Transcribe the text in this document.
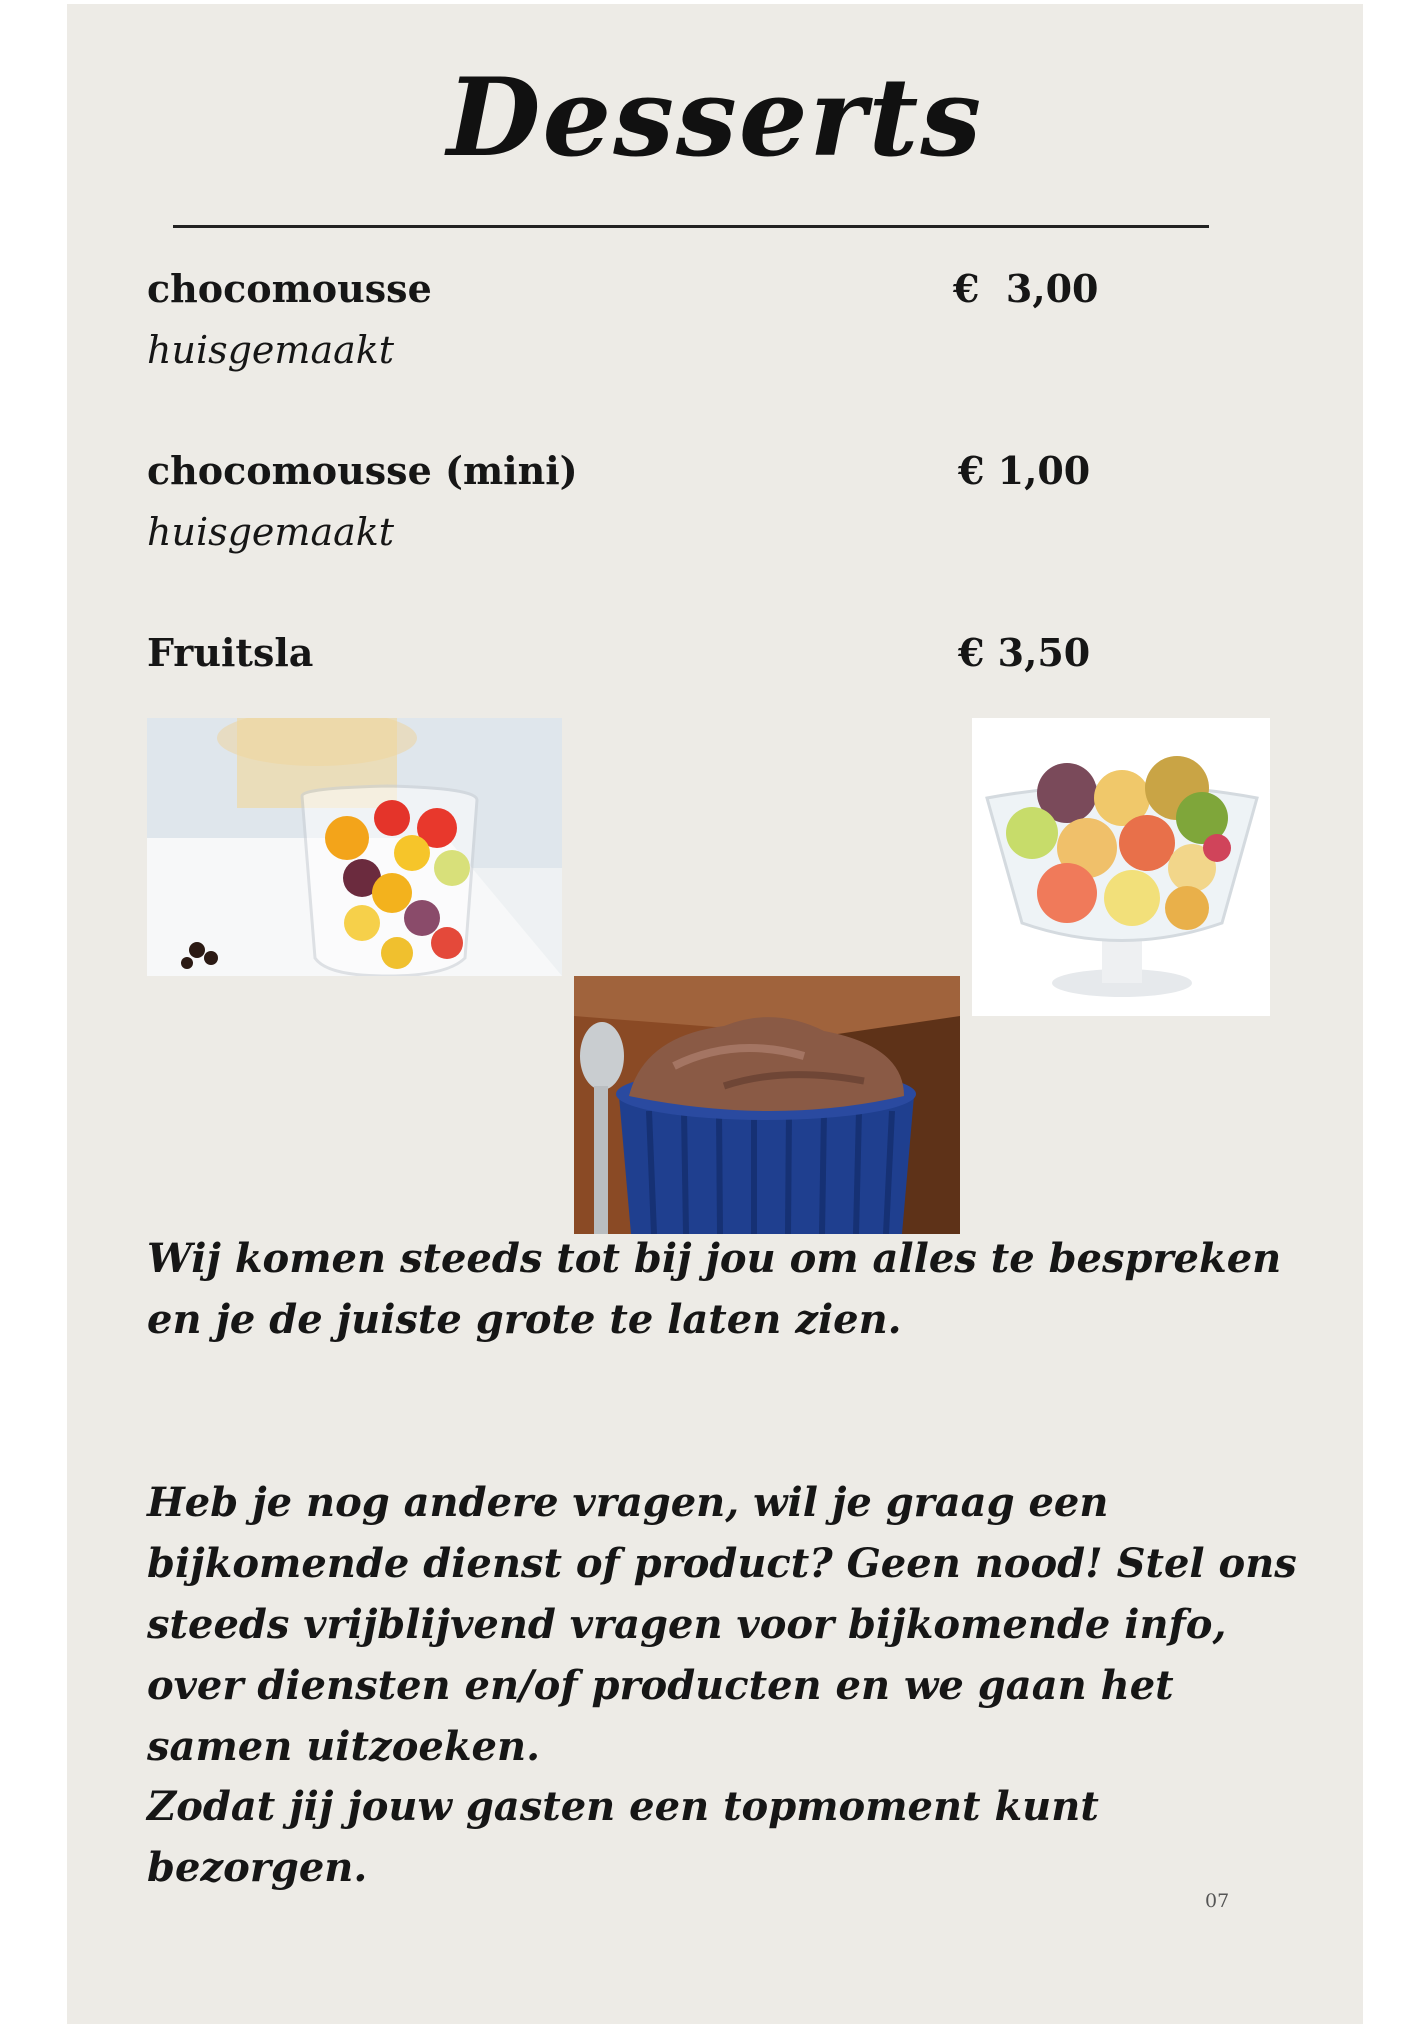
Desserts
chocomousse
huisgemaakt
€  3,00
chocomousse (mini)
huisgemaakt
€ 1,00
Fruitsla	€ 3,50

Wij komen steeds tot bij jou om alles te bespreken en je de juiste grote te laten zien.

Heb je nog andere vragen, wil je graag een bijkomende dienst of product? Geen nood! Stel ons steeds vrijblijvend vragen voor bijkomende info, over diensten en/of producten en we gaan het samen uitzoeken.

Zodat jij jouw gasten een topmoment kunt bezorgen.

07
